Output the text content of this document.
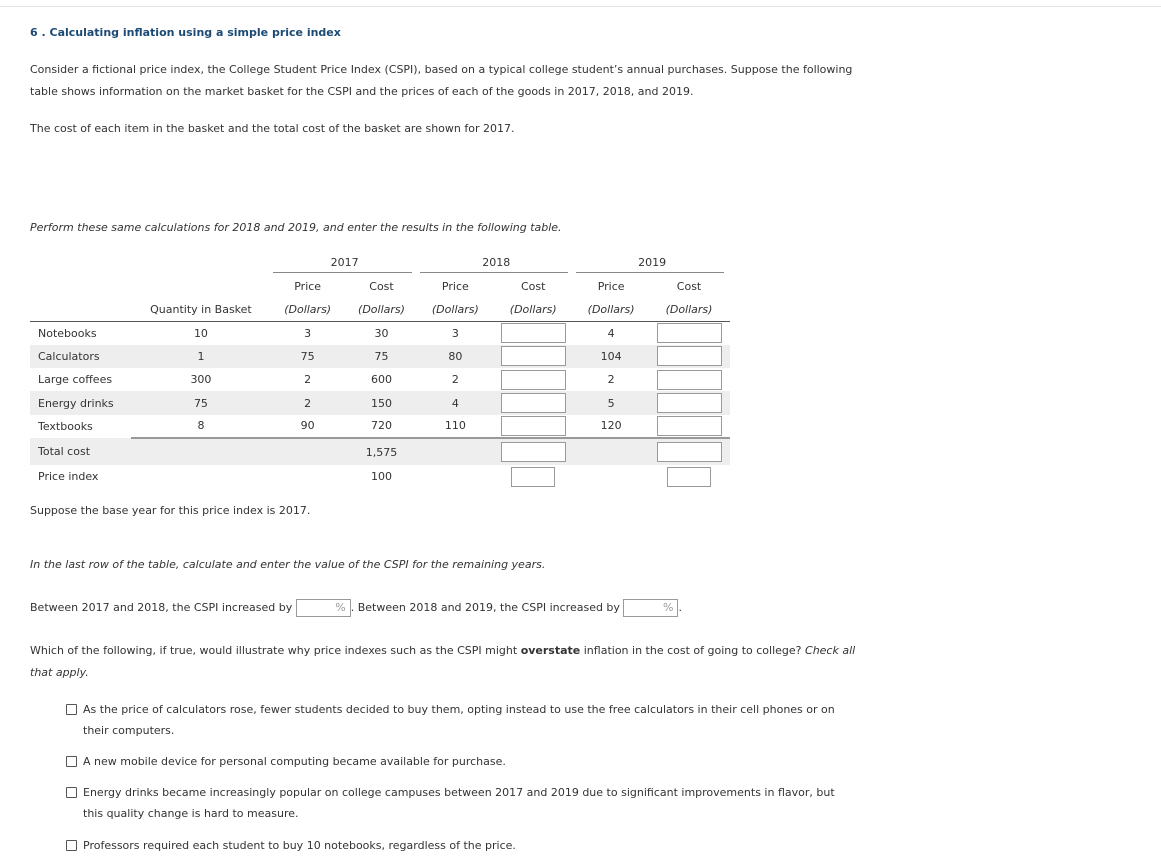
6 . Calculating inflation using a simple price index
Consider a fictional price index, the College Student Price Index (CSPI), based on a typical college student’s annual purchases. Suppose the following
table shows information on the market basket for the CSPI and the prices of each of the goods in 2017, 2018, and 2019.
The cost of each item in the basket and the total cost of the basket are shown for 2017.
Perform these same calculations for 2018 and 2019, and enter the results in the following table.
		2017		2018		2019	

		Price	Cost	Price	Cost	Price	Cost
	Quantity in Basket	(Dollars)	(Dollars)	(Dollars)	(Dollars)	(Dollars)	(Dollars)
Notebooks	10	3	30	3		4	
Calculators	1	75	75	80		104	
Large coffees	300	2	600	2		2	
Energy drinks	75	2	150	4		5	
Textbooks	8	90	720	110		120	
Total cost			1,575				
Price index			100				
Suppose the base year for this price index is 2017.
In the last row of the table, calculate and enter the value of the CSPI for the remaining years.
Between 2017 and 2018, the CSPI increased by	% . Between 2018 and 2019, the CSPI increased by	% .
Which of the following, if true, would illustrate why price indexes such as the CSPI might overstate inflation in the cost of going to college? Check all
that apply.
As the price of calculators rose, fewer students decided to buy them, opting instead to use the free calculators in their cell phones or on
their computers.
A new mobile device for personal computing became available for purchase.
Energy drinks became increasingly popular on college campuses between 2017 and 2019 due to significant improvements in flavor, but
this quality change is hard to measure.
Professors required each student to buy 10 notebooks, regardless of the price.
